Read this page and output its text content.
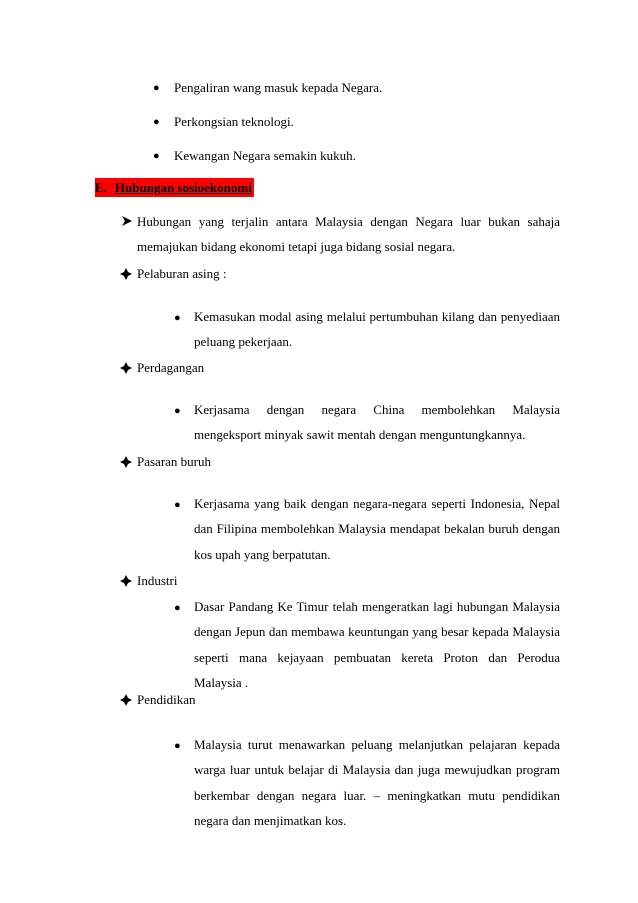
● Pengaliran wang masuk kepada Negara.
● Perkongsian teknologi.
● Kewangan Negara semakin kukuh.
E. Hubungan sosioekonomi
Hubungan yang terjalin antara Malaysia dengan Negara luar bukan sahaja memajukan bidang ekonomi tetapi juga bidang sosial negara.
Pelaburan asing :
● Kemasukan modal asing melalui pertumbuhan kilang dan penyediaan peluang pekerjaan.
Perdagangan
● Kerjasama dengan negara China membolehkan Malaysia mengeksport minyak sawit mentah dengan menguntungkannya.
Pasaran buruh
● Kerjasama yang baik dengan negara-negara seperti Indonesia, Nepal dan Filipina membolehkan Malaysia mendapat bekalan buruh dengan kos upah yang berpatutan.
Industri
● Dasar Pandang Ke Timur telah mengeratkan lagi hubungan Malaysia dengan Jepun dan membawa keuntungan yang besar kepada Malaysia seperti mana kejayaan pembuatan kereta Proton dan Perodua Malaysia .
Pendidikan
● Malaysia turut menawarkan peluang melanjutkan pelajaran kepada warga luar untuk belajar di Malaysia dan juga mewujudkan program berkembar dengan negara luar. – meningkatkan mutu pendidikan negara dan menjimatkan kos.
